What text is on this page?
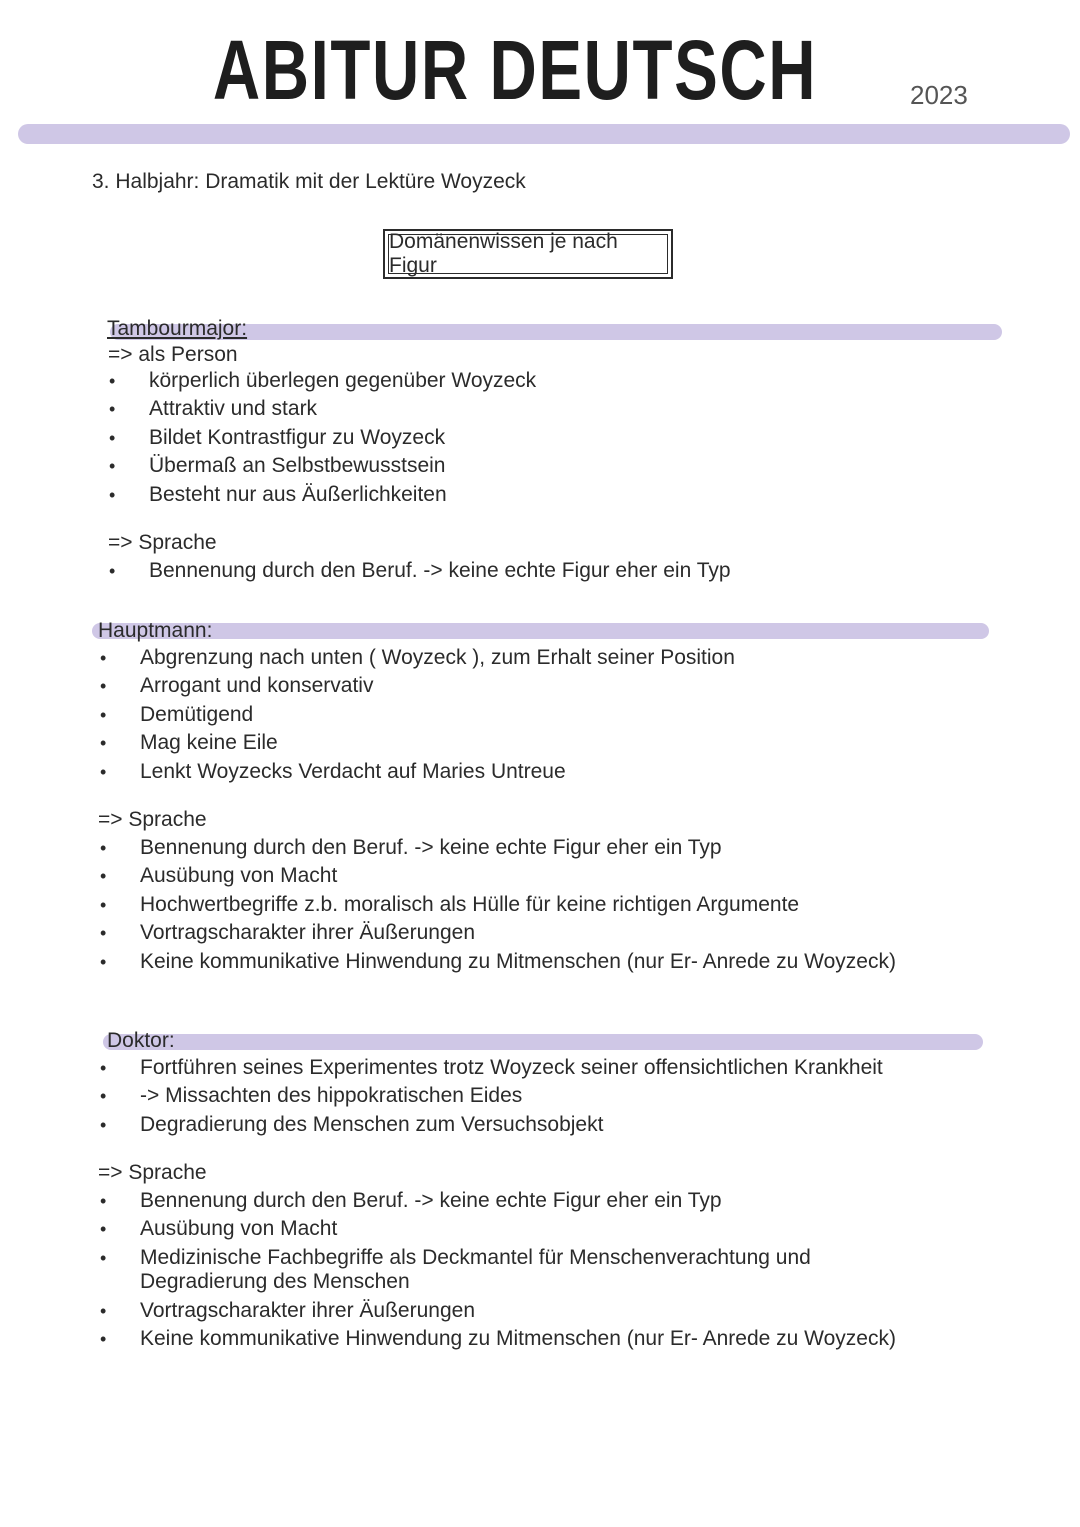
ABITUR DEUTSCH	2023
3. Halbjahr: Dramatik mit der Lektüre Woyzeck
Domänenwissen je nach Figur
Tambourmajor:
=> als Person
• körperlich überlegen gegenüber Woyzeck
• Attraktiv und stark
• Bildet Kontrastfigur zu Woyzeck
• Übermaß an Selbstbewusstsein
• Besteht nur aus Äußerlichkeiten
=> Sprache
• Bennenung durch den Beruf. -> keine echte Figur eher ein Typ
Hauptmann:
• Abgrenzung nach unten ( Woyzeck ), zum Erhalt seiner Position
• Arrogant und konservativ
• Demütigend
• Mag keine Eile
• Lenkt Woyzecks Verdacht auf Maries Untreue
=> Sprache
• Bennenung durch den Beruf. -> keine echte Figur eher ein Typ
• Ausübung von Macht
• Hochwertbegriffe z.b. moralisch als Hülle für keine richtigen Argumente
• Vortragscharakter ihrer Äußerungen
• Keine kommunikative Hinwendung zu Mitmenschen (nur Er- Anrede zu Woyzeck)
Doktor:
• Fortführen seines Experimentes trotz Woyzeck seiner offensichtlichen Krankheit
• -> Missachten des hippokratischen Eides
• Degradierung des Menschen zum Versuchsobjekt
=> Sprache
• Bennenung durch den Beruf. -> keine echte Figur eher ein Typ
• Ausübung von Macht
• Medizinische Fachbegriffe als Deckmantel für Menschenverachtung und
Degradierung des Menschen
• Vortragscharakter ihrer Äußerungen
• Keine kommunikative Hinwendung zu Mitmenschen (nur Er- Anrede zu Woyzeck)
